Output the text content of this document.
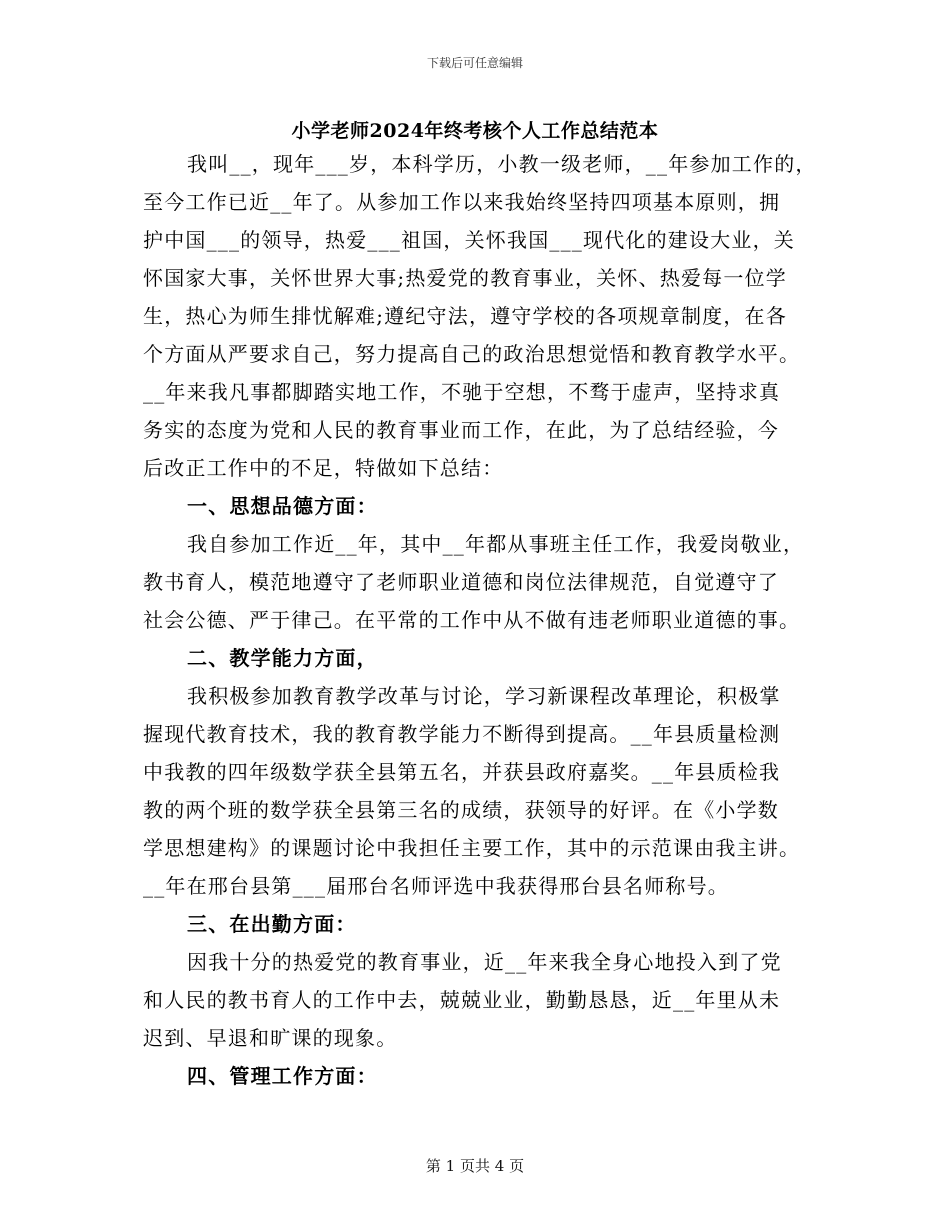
下载后可任意编辑
小学老师2024年终考核个人工作总结范本
我叫__，现年___岁，本科学历，小教一级老师，__年参加工作的，
至今工作已近__年了。从参加工作以来我始终坚持四项基本原则，拥
护中国___的领导，热爱___祖国，关怀我国___现代化的建设大业，关
怀国家大事，关怀世界大事;热爱党的教育事业，关怀、热爱每一位学
生，热心为师生排忧解难;遵纪守法，遵守学校的各项规章制度，在各
个方面从严要求自己，努力提高自己的政治思想觉悟和教育教学水平。
__年来我凡事都脚踏实地工作，不驰于空想，不骛于虚声，坚持求真
务实的态度为党和人民的教育事业而工作，在此，为了总结经验，今
后改正工作中的不足，特做如下总结：
一、思想品德方面：
我自参加工作近__年，其中__年都从事班主任工作，我爱岗敬业，
教书育人，模范地遵守了老师职业道德和岗位法律规范，自觉遵守了
社会公德、严于律己。在平常的工作中从不做有违老师职业道德的事。
二、教学能力方面，
我积极参加教育教学改革与讨论，学习新课程改革理论，积极掌
握现代教育技术，我的教育教学能力不断得到提高。__年县质量检测
中我教的四年级数学获全县第五名，并获县政府嘉奖。__年县质检我
教的两个班的数学获全县第三名的成绩，获领导的好评。在《小学数
学思想建构》的课题讨论中我担任主要工作，其中的示范课由我主讲。
__年在邢台县第___届邢台名师评选中我获得邢台县名师称号。
三、在出勤方面：
因我十分的热爱党的教育事业，近__年来我全身心地投入到了党
和人民的教书育人的工作中去，兢兢业业，勤勤恳恳，近__年里从未
迟到、早退和旷课的现象。
四、管理工作方面：
第 1 页共 4 页
